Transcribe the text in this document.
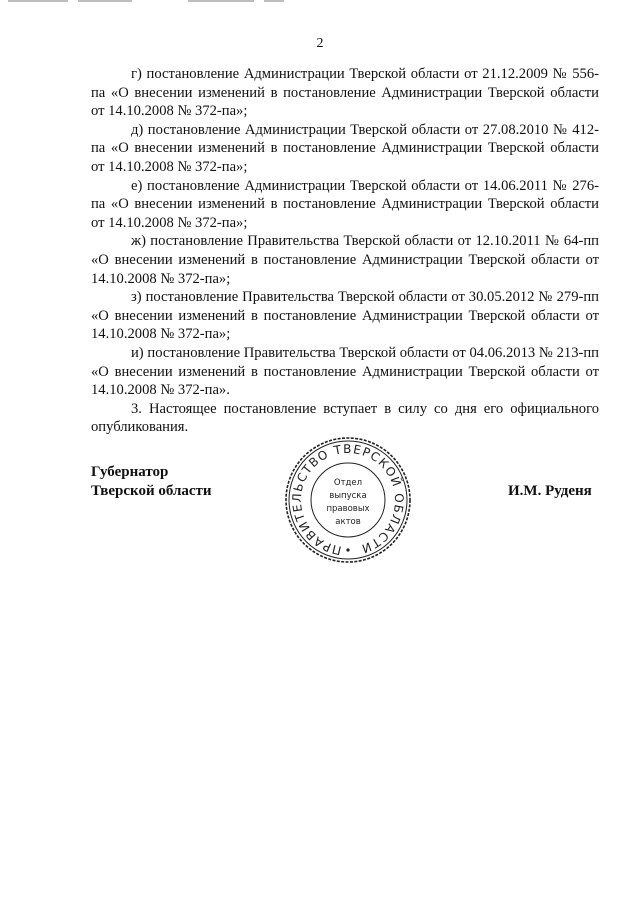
2

г) постановление Администрации Тверской области от 21.12.2009 № 556-па «О внесении изменений в постановление Администрации Тверской области от 14.10.2008 № 372-па»;

д) постановление Администрации Тверской области от 27.08.2010 № 412-па «О внесении изменений в постановление Администрации Тверской области от 14.10.2008 № 372-па»;

е) постановление Администрации Тверской области от 14.06.2011 № 276-па «О внесении изменений в постановление Администрации Тверской области от 14.10.2008 № 372-па»;

ж) постановление Правительства Тверской области от 12.10.2011 № 64-пп «О внесении изменений в постановление Администрации Тверской области от 14.10.2008 № 372-па»;

з) постановление Правительства Тверской области от 30.05.2012 № 279-пп «О внесении изменений в постановление Администрации Тверской области от 14.10.2008 № 372-па»;

и) постановление Правительства Тверской области от 04.06.2013 № 213-пп «О внесении изменений в постановление Администрации Тверской области от 14.10.2008 № 372-па».

3. Настоящее постановление вступает в силу со дня его официального опубликования.

Губернатор
Тверской области	И.М. Руденя
ПРАВИТЕЛЬСТВО ТВЕРСКОЙ ОБЛАСТИ
Отдел
выпуска
правовых
актов
